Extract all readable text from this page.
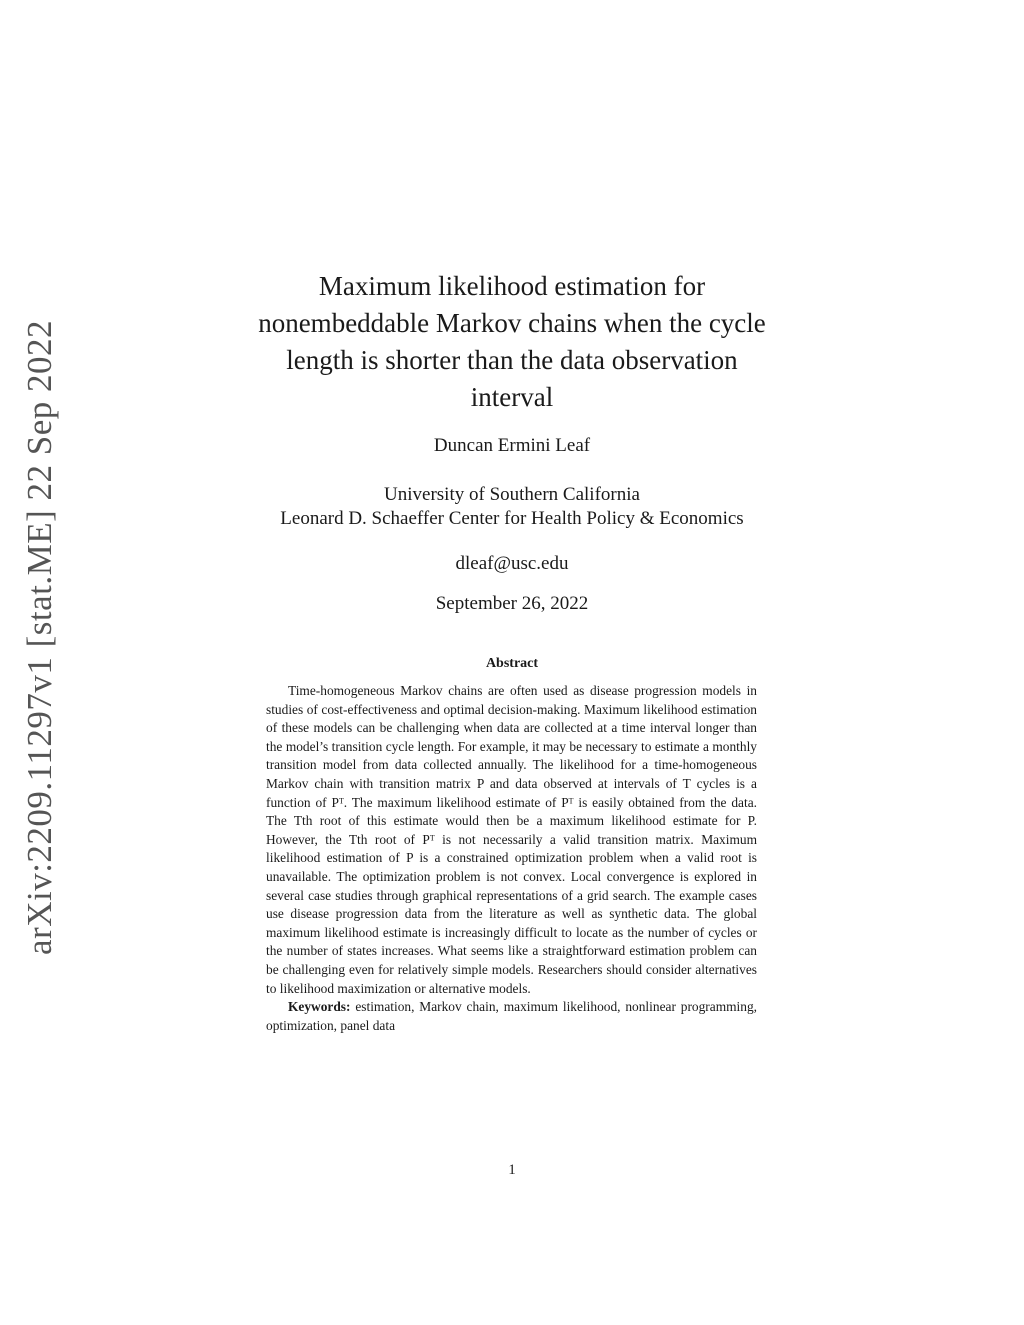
arXiv:2209.11297v1 [stat.ME] 22 Sep 2022
Maximum likelihood estimation for
nonembeddable Markov chains when the cycle
length is shorter than the data observation
interval
Duncan Ermini Leaf
University of Southern California
Leonard D. Schaeffer Center for Health Policy & Economics
dleaf@usc.edu
September 26, 2022
Abstract

Time-homogeneous Markov chains are often used as disease progression models in studies of cost-effectiveness and optimal decision-making. Maximum likelihood estimation of these models can be challenging when data are collected at a time interval longer than the model’s transition cycle length. For example, it may be necessary to estimate a monthly transition model from data collected annually. The likelihood for a time-homogeneous Markov chain with transition matrix P and data observed at intervals of T cycles is a function of Pᵀ. The maximum likelihood estimate of Pᵀ is easily obtained from the data. The Tth root of this estimate would then be a maximum likelihood estimate for P. However, the Tth root of Pᵀ is not necessarily a valid transition matrix. Maximum likelihood estimation of P is a constrained optimization problem when a valid root is unavailable. The optimization problem is not convex. Local convergence is explored in several case studies through graphical representations of a grid search. The example cases use disease progression data from the literature as well as synthetic data. The global maximum likelihood estimate is increasingly difficult to locate as the number of cycles or the number of states increases. What seems like a straightforward estimation problem can be challenging even for relatively simple models. Researchers should consider alternatives to likelihood maximization or alternative models.

Keywords: estimation, Markov chain, maximum likelihood, nonlinear programming, optimization, panel data

1
